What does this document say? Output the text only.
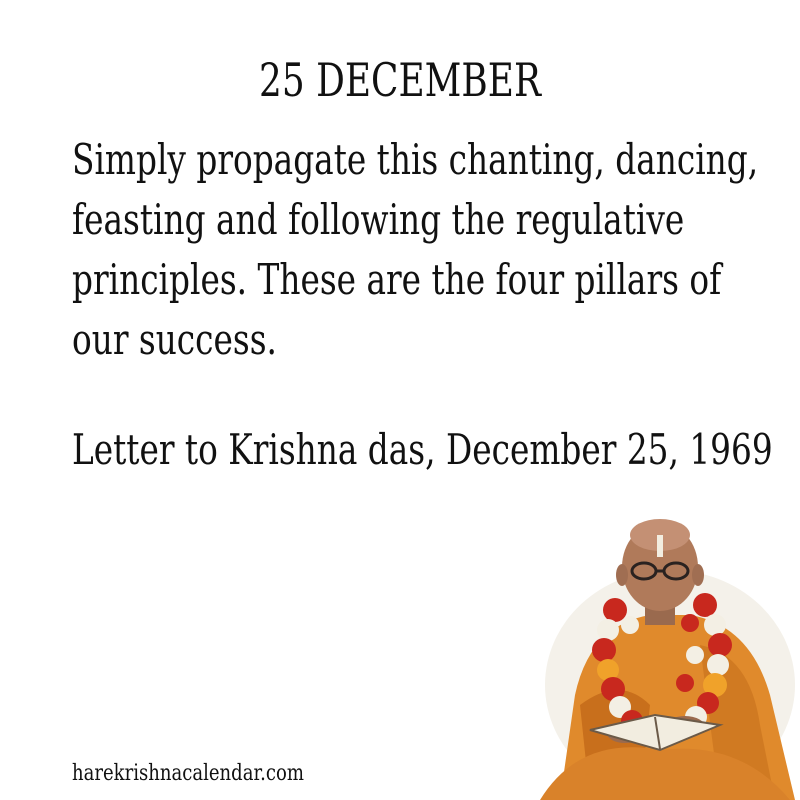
25 DECEMBER

Simply propagate this chanting, dancing,

feasting and following the regulative

principles. These are the four pillars of

our success.

Letter to Krishna das, December 25, 1969
harekrishnacalendar.com
